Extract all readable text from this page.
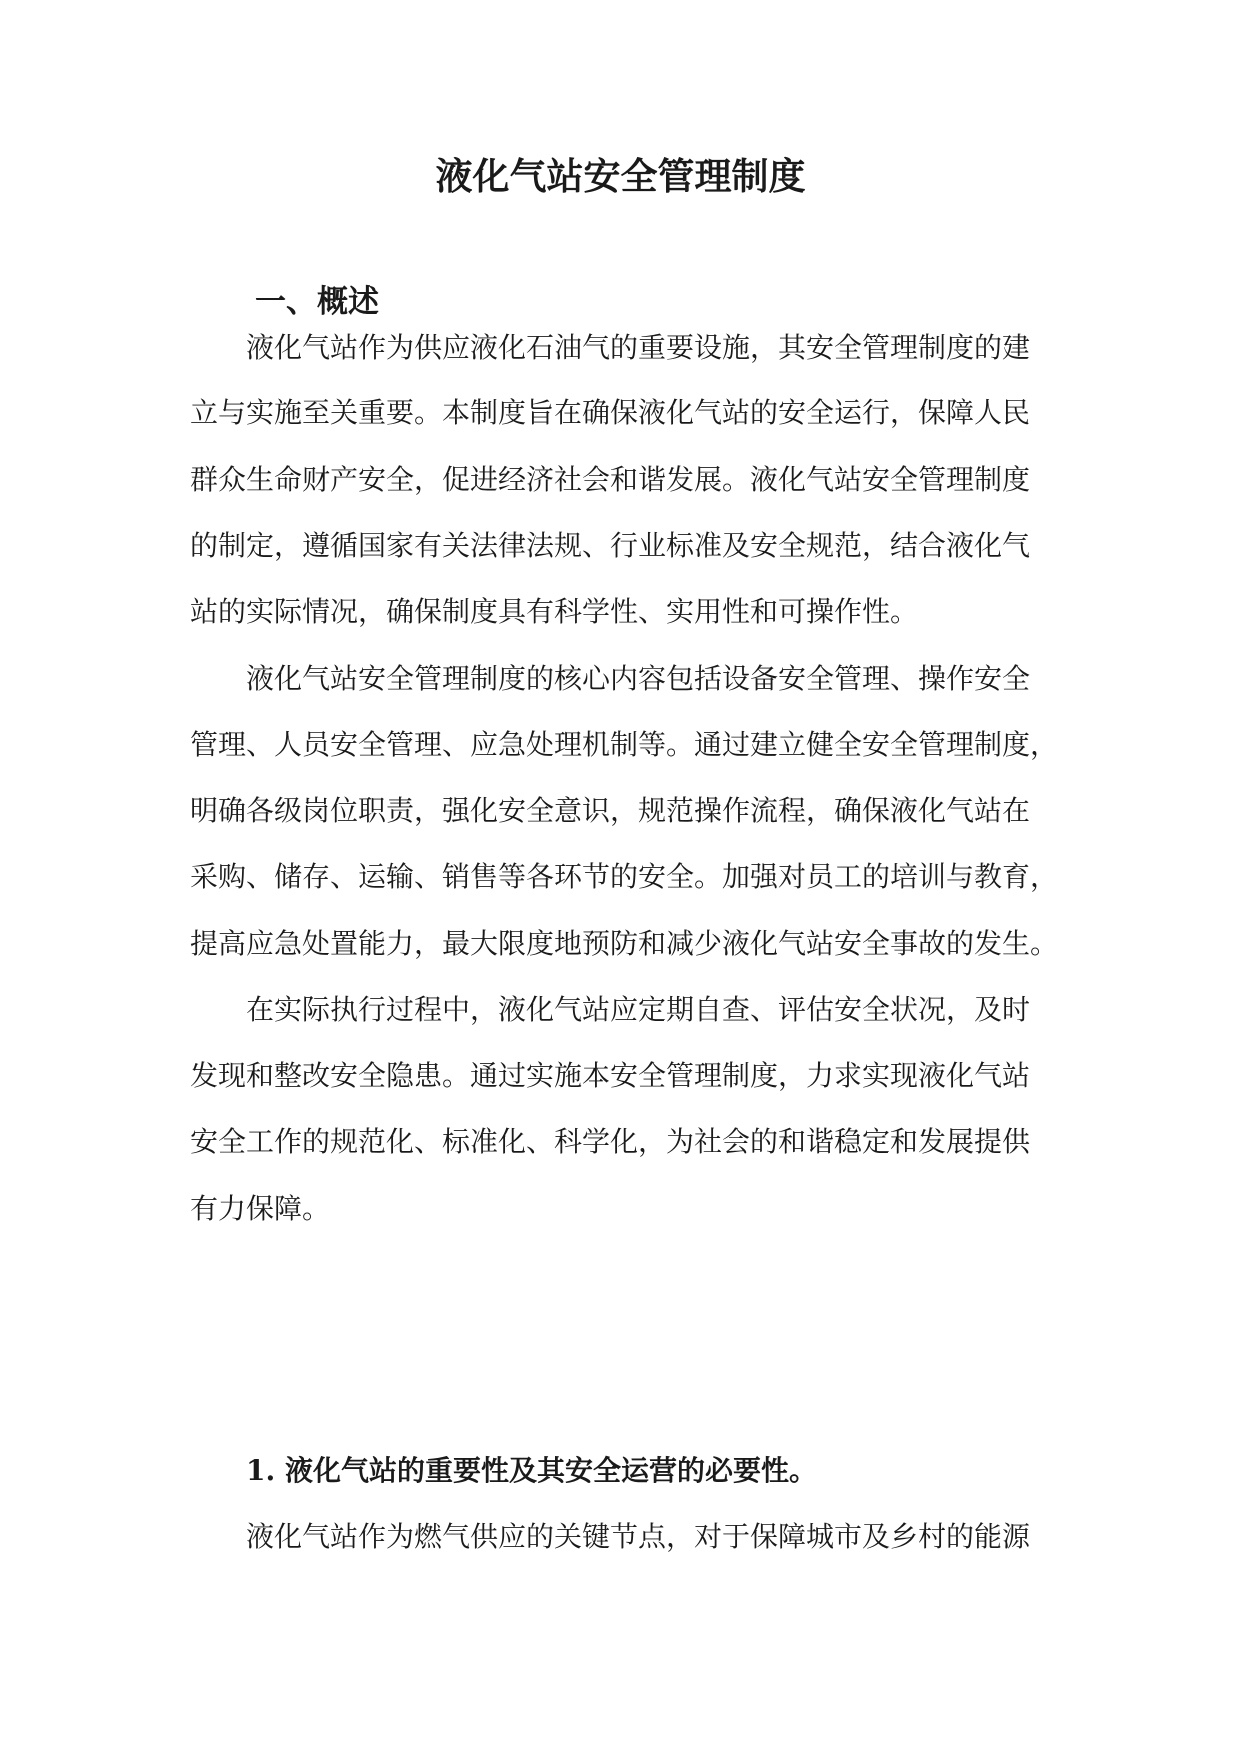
液化气站安全管理制度
一、概述
液化气站作为供应液化石油气的重要设施，其安全管理制度的建
立与实施至关重要。本制度旨在确保液化气站的安全运行，保障人民
群众生命财产安全，促进经济社会和谐发展。液化气站安全管理制度
的制定，遵循国家有关法律法规、行业标准及安全规范，结合液化气
站的实际情况，确保制度具有科学性、实用性和可操作性。
液化气站安全管理制度的核心内容包括设备安全管理、操作安全
管理、人员安全管理、应急处理机制等。通过建立健全安全管理制度，
明确各级岗位职责，强化安全意识，规范操作流程，确保液化气站在
采购、储存、运输、销售等各环节的安全。加强对员工的培训与教育，
提高应急处置能力，最大限度地预防和减少液化气站安全事故的发生。
在实际执行过程中，液化气站应定期自查、评估安全状况，及时
发现和整改安全隐患。通过实施本安全管理制度，力求实现液化气站
安全工作的规范化、标准化、科学化，为社会的和谐稳定和发展提供
有力保障。
1. 液化气站的重要性及其安全运营的必要性。
液化气站作为燃气供应的关键节点，对于保障城市及乡村的能源
